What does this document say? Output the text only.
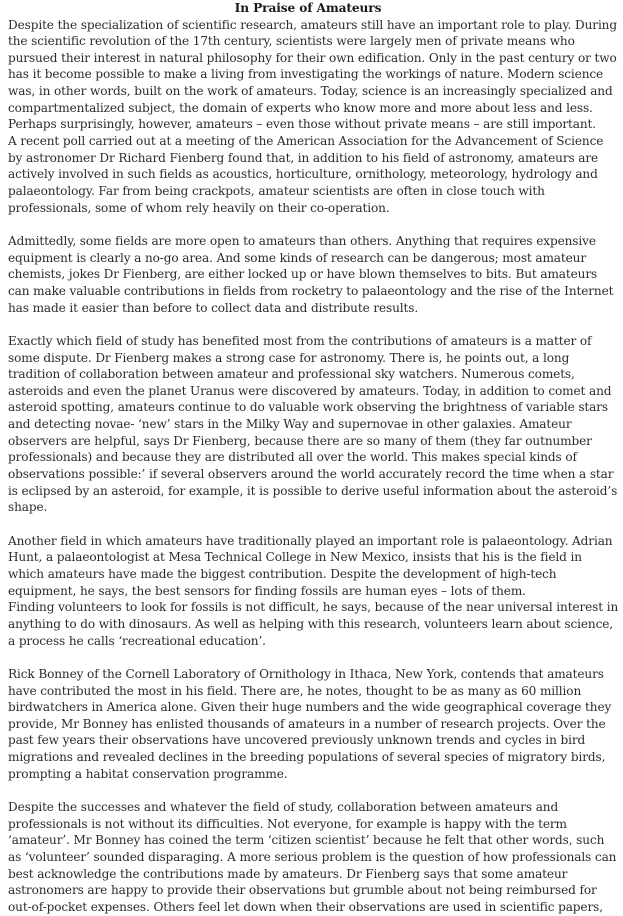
In Praise of Amateurs

Despite the specialization of scientific research, amateurs still have an important role to play. During the scientific revolution of the 17th century, scientists were largely men of private means who pursued their interest in natural philosophy for their own edification. Only in the past century or two has it become possible to make a living from investigating the workings of nature. Modern science was, in other words, built on the work of amateurs. Today, science is an increasingly specialized and compartmentalized subject, the domain of experts who know more and more about less and less. Perhaps surprisingly, however, amateurs – even those without private means – are still important.

A recent poll carried out at a meeting of the American Association for the Advancement of Science by astronomer Dr Richard Fienberg found that, in addition to his field of astronomy, amateurs are actively involved in such fields as acoustics, horticulture, ornithology, meteorology, hydrology and palaeontology. Far from being crackpots, amateur scientists are often in close touch with professionals, some of whom rely heavily on their co-operation.

Admittedly, some fields are more open to amateurs than others. Anything that requires expensive equipment is clearly a no-go area. And some kinds of research can be dangerous; most amateur chemists, jokes Dr Fienberg, are either locked up or have blown themselves to bits. But amateurs can make valuable contributions in fields from rocketry to palaeontology and the rise of the Internet has made it easier than before to collect data and distribute results.

Exactly which field of study has benefited most from the contributions of amateurs is a matter of some dispute. Dr Fienberg makes a strong case for astronomy. There is, he points out, a long tradition of collaboration between amateur and professional sky watchers. Numerous comets, asteroids and even the planet Uranus were discovered by amateurs. Today, in addition to comet and asteroid spotting, amateurs continue to do valuable work observing the brightness of variable stars and detecting novae- ‘new’ stars in the Milky Way and supernovae in other galaxies. Amateur observers are helpful, says Dr Fienberg, because there are so many of them (they far outnumber professionals) and because they are distributed all over the world. This makes special kinds of observations possible:’ if several observers around the world accurately record the time when a star is eclipsed by an asteroid, for example, it is possible to derive useful information about the asteroid’s shape.

Another field in which amateurs have traditionally played an important role is palaeontology. Adrian Hunt, a palaeontologist at Mesa Technical College in New Mexico, insists that his is the field in which amateurs have made the biggest contribution. Despite the development of high-tech equipment, he says, the best sensors for finding fossils are human eyes – lots of them.

Finding volunteers to look for fossils is not difficult, he says, because of the near universal interest in anything to do with dinosaurs. As well as helping with this research, volunteers learn about science, a process he calls ‘recreational education’.

Rick Bonney of the Cornell Laboratory of Ornithology in Ithaca, New York, contends that amateurs have contributed the most in his field. There are, he notes, thought to be as many as 60 million birdwatchers in America alone. Given their huge numbers and the wide geographical coverage they provide, Mr Bonney has enlisted thousands of amateurs in a number of research projects. Over the past few years their observations have uncovered previously unknown trends and cycles in bird migrations and revealed declines in the breeding populations of several species of migratory birds, prompting a habitat conservation programme.

Despite the successes and whatever the field of study, collaboration between amateurs and professionals is not without its difficulties. Not everyone, for example is happy with the term ‘amateur’. Mr Bonney has coined the term ‘citizen scientist’ because he felt that other words, such as ‘volunteer’ sounded disparaging. A more serious problem is the question of how professionals can best acknowledge the contributions made by amateurs. Dr Fienberg says that some amateur astronomers are happy to provide their observations but grumble about not being reimbursed for out-of-pocket expenses. Others feel let down when their observations are used in scientific papers,
